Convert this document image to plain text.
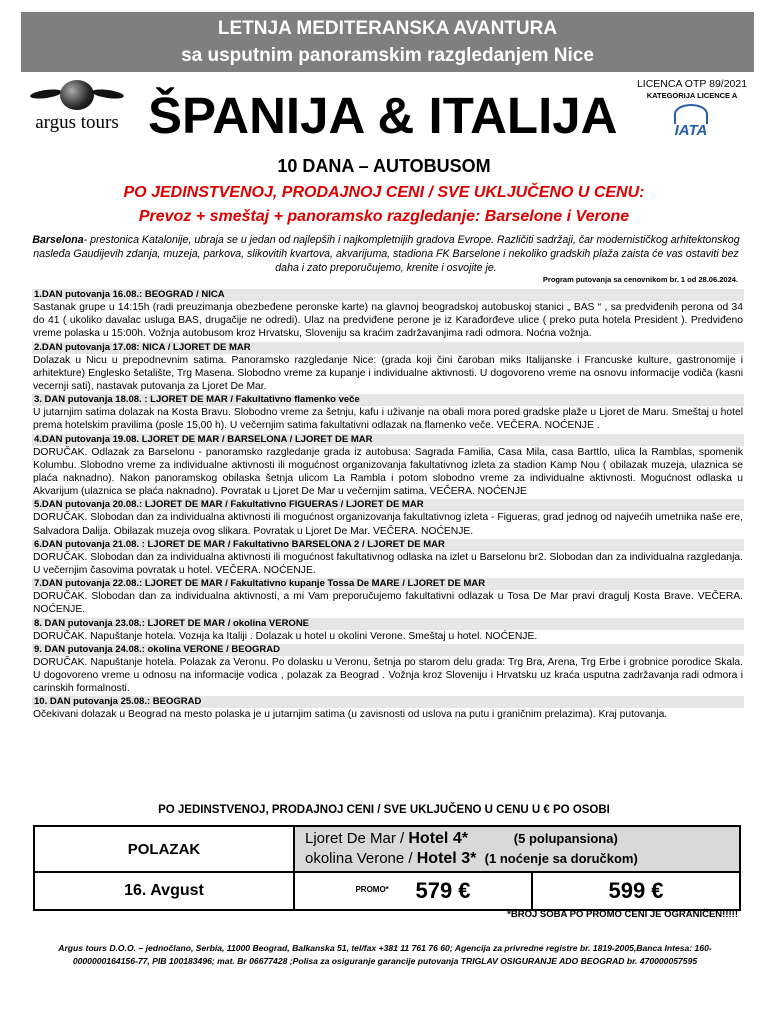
LETNJA MEDITERANSKA AVANTURA
sa usputnim panoramskim razgledanjem Nice
argus tours ŠPANIJA & ITALIJA
LICENCA OTP 89/2021
KATEGORIJA LICENCE A
IATA
10 DANA – AUTOBUSOM
PO JEDINSTVENOJ, PRODAJNOJ CENI / SVE UKLJUČENO U CENU:
Prevoz + smeštaj + panoramsko razgledanje: Barselone i Verone
Barselona- prestonica Katalonije, ubraja se u jedan od najlepših i najkompletnijih gradova Evrope. Različiti sadržaji, čar modernističkog arhitektonskog nasleđa Gaudijevih zdanja, muzeja, parkova, slikovitih kvartova, akvarijuma, stadiona FK Barselone i nekoliko gradskih plaža zaista će vas ostaviti bez daha i zato preporučujemo, krenite i osvojite je.
Program putovanja sa cenovnikom br. 1 od 28.06.2024.
1.DAN putovanja 16.08.: BEOGRAD / NICA
Sastanak grupe u 14:15h (radi preuzimanja obezbeđene peronske karte) na glavnoj beogradskoj autobuskoj stanici „ BAS “ , sa predviđenih perona od 34 do 41 ( ukoliko davalac usluga BAS, drugačije ne odredi). Ulaz na predviđene perone je iz Karađorđeve ulice ( preko puta hotela President ). Predviđeno vreme polaska u 15:00h. Vožnja autobusom kroz Hrvatsku, Sloveniju sa kraćim zadržavanjima radi odmora. Noćna vožnja.
2.DAN putovanja 17.08: NICA / LJORET DE MAR
Dolazak u Nicu u prepodnevnim satima. Panoramsko razgledanje Nice: (grada koji čini čaroban miks Italijanske i Francuske kulture, gastronomije i arhitekture) Englesko šetalište, Trg Masena. Slobodno vreme za kupanje i individualne aktivnosti. U dogovoreno vreme na osnovu informacije vodiča (kasni vecernji sati), nastavak putovanja za Ljoret De Mar.
3. DAN putovanja 18.08. : LJORET DE MAR / Fakultativno flamenko veče
U jutarnjim satima dolazak na Kosta Bravu. Slobodno vreme za šetnju, kafu i uživanje na obali mora pored gradske plaže u Ljoret de Maru. Smeštaj u hotel prema hotelskim pravilima (posle 15,00 h). U večernjim satima fakultativni odlazak na flamenko veče. VEČERA. NOĆENJE .
4.DAN putovanja 19.08. LJORET DE MAR / BARSELONA / LJORET DE MAR
DORUČAK. Odlazak za Barselonu - panoramsko razgledanje grada iz autobusa: Sagrada Familia, Casa Mila, casa Barttlo, ulica la Ramblas, spomenik Kolumbu. Slobodno vreme za individualne aktivnosti ili mogućnost organizovanja fakultativnog izleta za stadion Kamp Nou ( obilazak muzeja, ulaznica se plaća naknadno). Nakon panoramskog obilaska šetnja ulicom La Rambla i potom slobodno vreme za individualne aktivnosti. Mogućnost odlaska u Akvarijum (ulaznica se plaća naknadno). Povratak u Ljoret De Mar u večernjim satima. VEČERA. NOĆENJE
5.DAN putovanja 20.08.: LJORET DE MAR / Fakultativno FIGUERAS / LJORET DE MAR
DORUČAK. Slobodan dan za individualna aktivnosti ili mogućnost organizovanja fakultativnog izleta - Figueras, grad jednog od najvećih umetnika naše ere, Salvadora Dalija. Obilazak muzeja ovog slikara. Povratak u Ljoret De Mar. VEČERA. NOĆENJE.
6.DAN putovanja 21.08. : LJORET DE MAR / Fakultativno BARSELONA 2 / LJORET DE MAR
DORUČAK. Slobodan dan za individualna aktivnosti ili mogućnost fakultativnog odlaska na izlet u Barselonu br2. Slobodan dan za individualna razgledanja. U večernjim časovima povratak u hotel. VEČERA. NOĆENJE.
7.DAN putovanja 22.08.: LJORET DE MAR / Fakultativno kupanje Tossa De MARE / LJORET DE MAR
DORUČAK. Slobodan dan za individualna aktivnosti, a mi Vam preporučujemo fakultativni odlazak u Tosa De Mar pravi dragulj Kosta Brave. VEČERA. NOĆENJE.
8. DAN putovanja 23.08.: LJORET DE MAR / okolina VERONE
DORUČAK. Napuštanje hotela. Vozнja ka Italiji . Dolazak u hotel u okolini Verone. Smeštaj u hotel. NOĆENJE.
9. DAN putovanja 24.08.: okolina VERONE / BEOGRAD
DORUČAK. Napuštanje hotela. Polazak za Veronu. Po dolasku u Veronu, šetnja po starom delu grada: Trg Bra, Arena, Trg Erbe i grobnice porodice Skala. U dogovoreno vreme u odnosu na informacije vodica , polazak za Beograd . Vožnja kroz Sloveniju i Hrvatsku uz kraća usputna zadržavanja radi odmora i carinskih formalnosti.
10. DAN putovanja 25.08.: BEOGRAD
Očekivani dolazak u Beograd na mesto polaska je u jutarnjim satima (u zavisnosti od uslova na putu i graničnim prelazima). Kraj putovanja.
PO JEDINSTVENOJ, PRODAJNOJ CENI / SVE UKLJUČENO U CENU U € PO OSOBI
POLAZAK	Ljoret De Mar / Hotel 4* (5 polupansiona)
okolina Verone / Hotel 3* (1 noćenje sa doručkom)	

16. Avgust	$^{PROMO*}$ 579 €	599 €
*BROJ SOBA PO PROMO CENI JE OGRANIČEN!!!!!
Argus tours D.O.O. – jednočlano, Serbia, 11000 Beograd, Balkanska 51, tel/fax +381 11 761 76 60; Agencija za privredne registre br. 1819-2005,Banca Intesa: 160-0000000164156-77, PIB 100183496; mat. Br 06677428 ;Polisa za osiguranje garancije putovanja TRIGLAV OSIGURANJE ADO BEOGRAD br. 470000057595
